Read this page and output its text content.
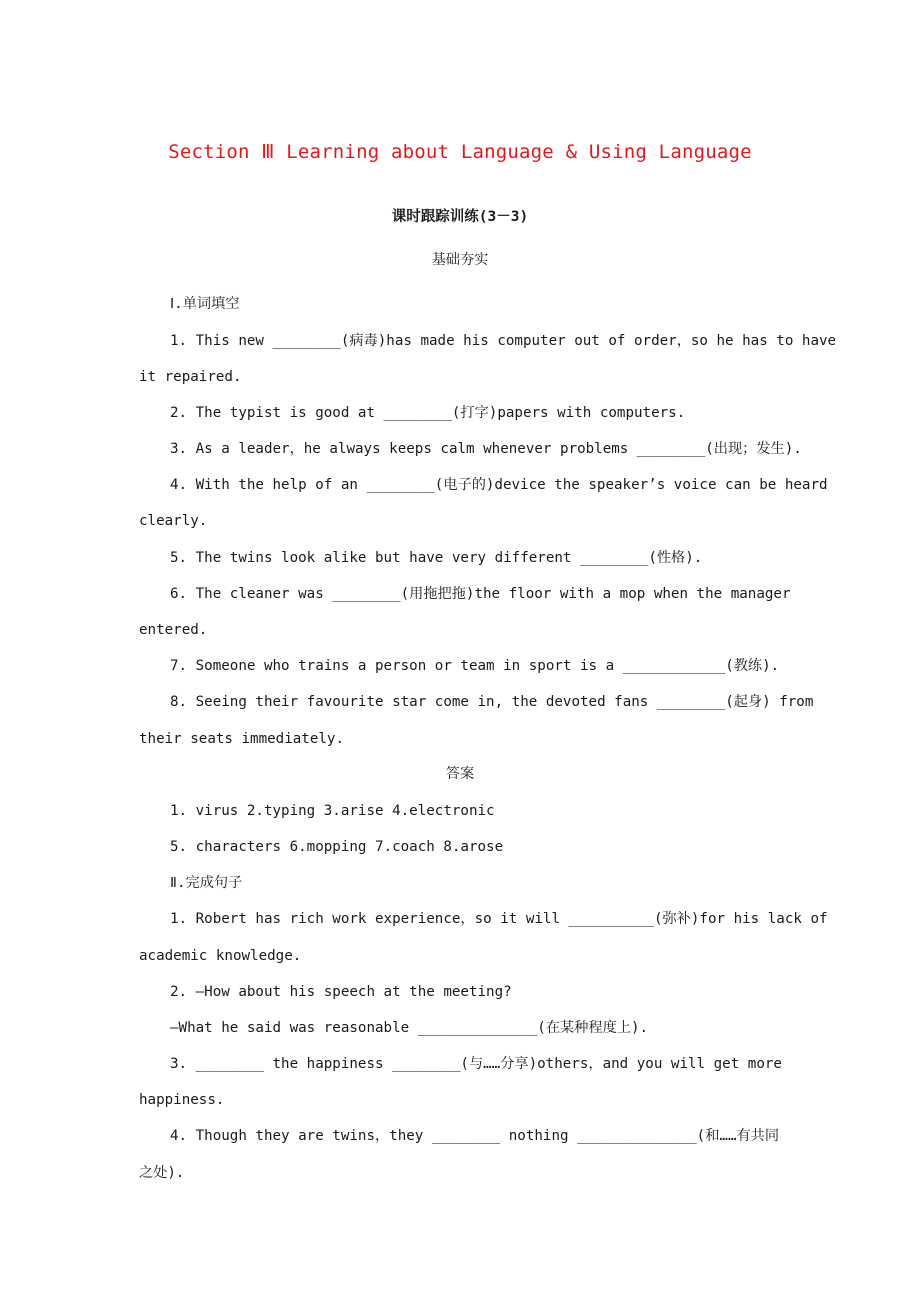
Section Ⅲ Learning about Language & Using Language
课时跟踪训练(3－3)
基础夯实
Ⅰ.单词填空
1. This new ________(病毒)has made his computer out of order，so he has to have
it repaired.
2. The typist is good at ________(打字)papers with computers.
3. As a leader，he always keeps calm whenever problems ________(出现；发生).
4. With the help of an ________(电子的)device the speaker’s voice can be heard
clearly.
5. The twins look alike but have very different ________(性格).
6. The cleaner was ________(用拖把拖)the floor with a mop when the manager
entered.
7. Someone who trains a person or team in sport is a ____________(教练).
8. Seeing their favourite star come in, the devoted fans ________(起身) from
their seats immediately.
答案
1. virus 2.typing 3.arise 4.electronic
5. characters 6.mopping 7.coach 8.arose
Ⅱ.完成句子
1. Robert has rich work experience，so it will __________(弥补)for his lack of
academic knowledge.
2. —How about his speech at the meeting?
—What he said was reasonable ______________(在某种程度上).
3. ________ the happiness ________(与……分享)others，and you will get more
happiness.
4. Though they are twins，they ________ nothing ______________(和……有共同
之处).
